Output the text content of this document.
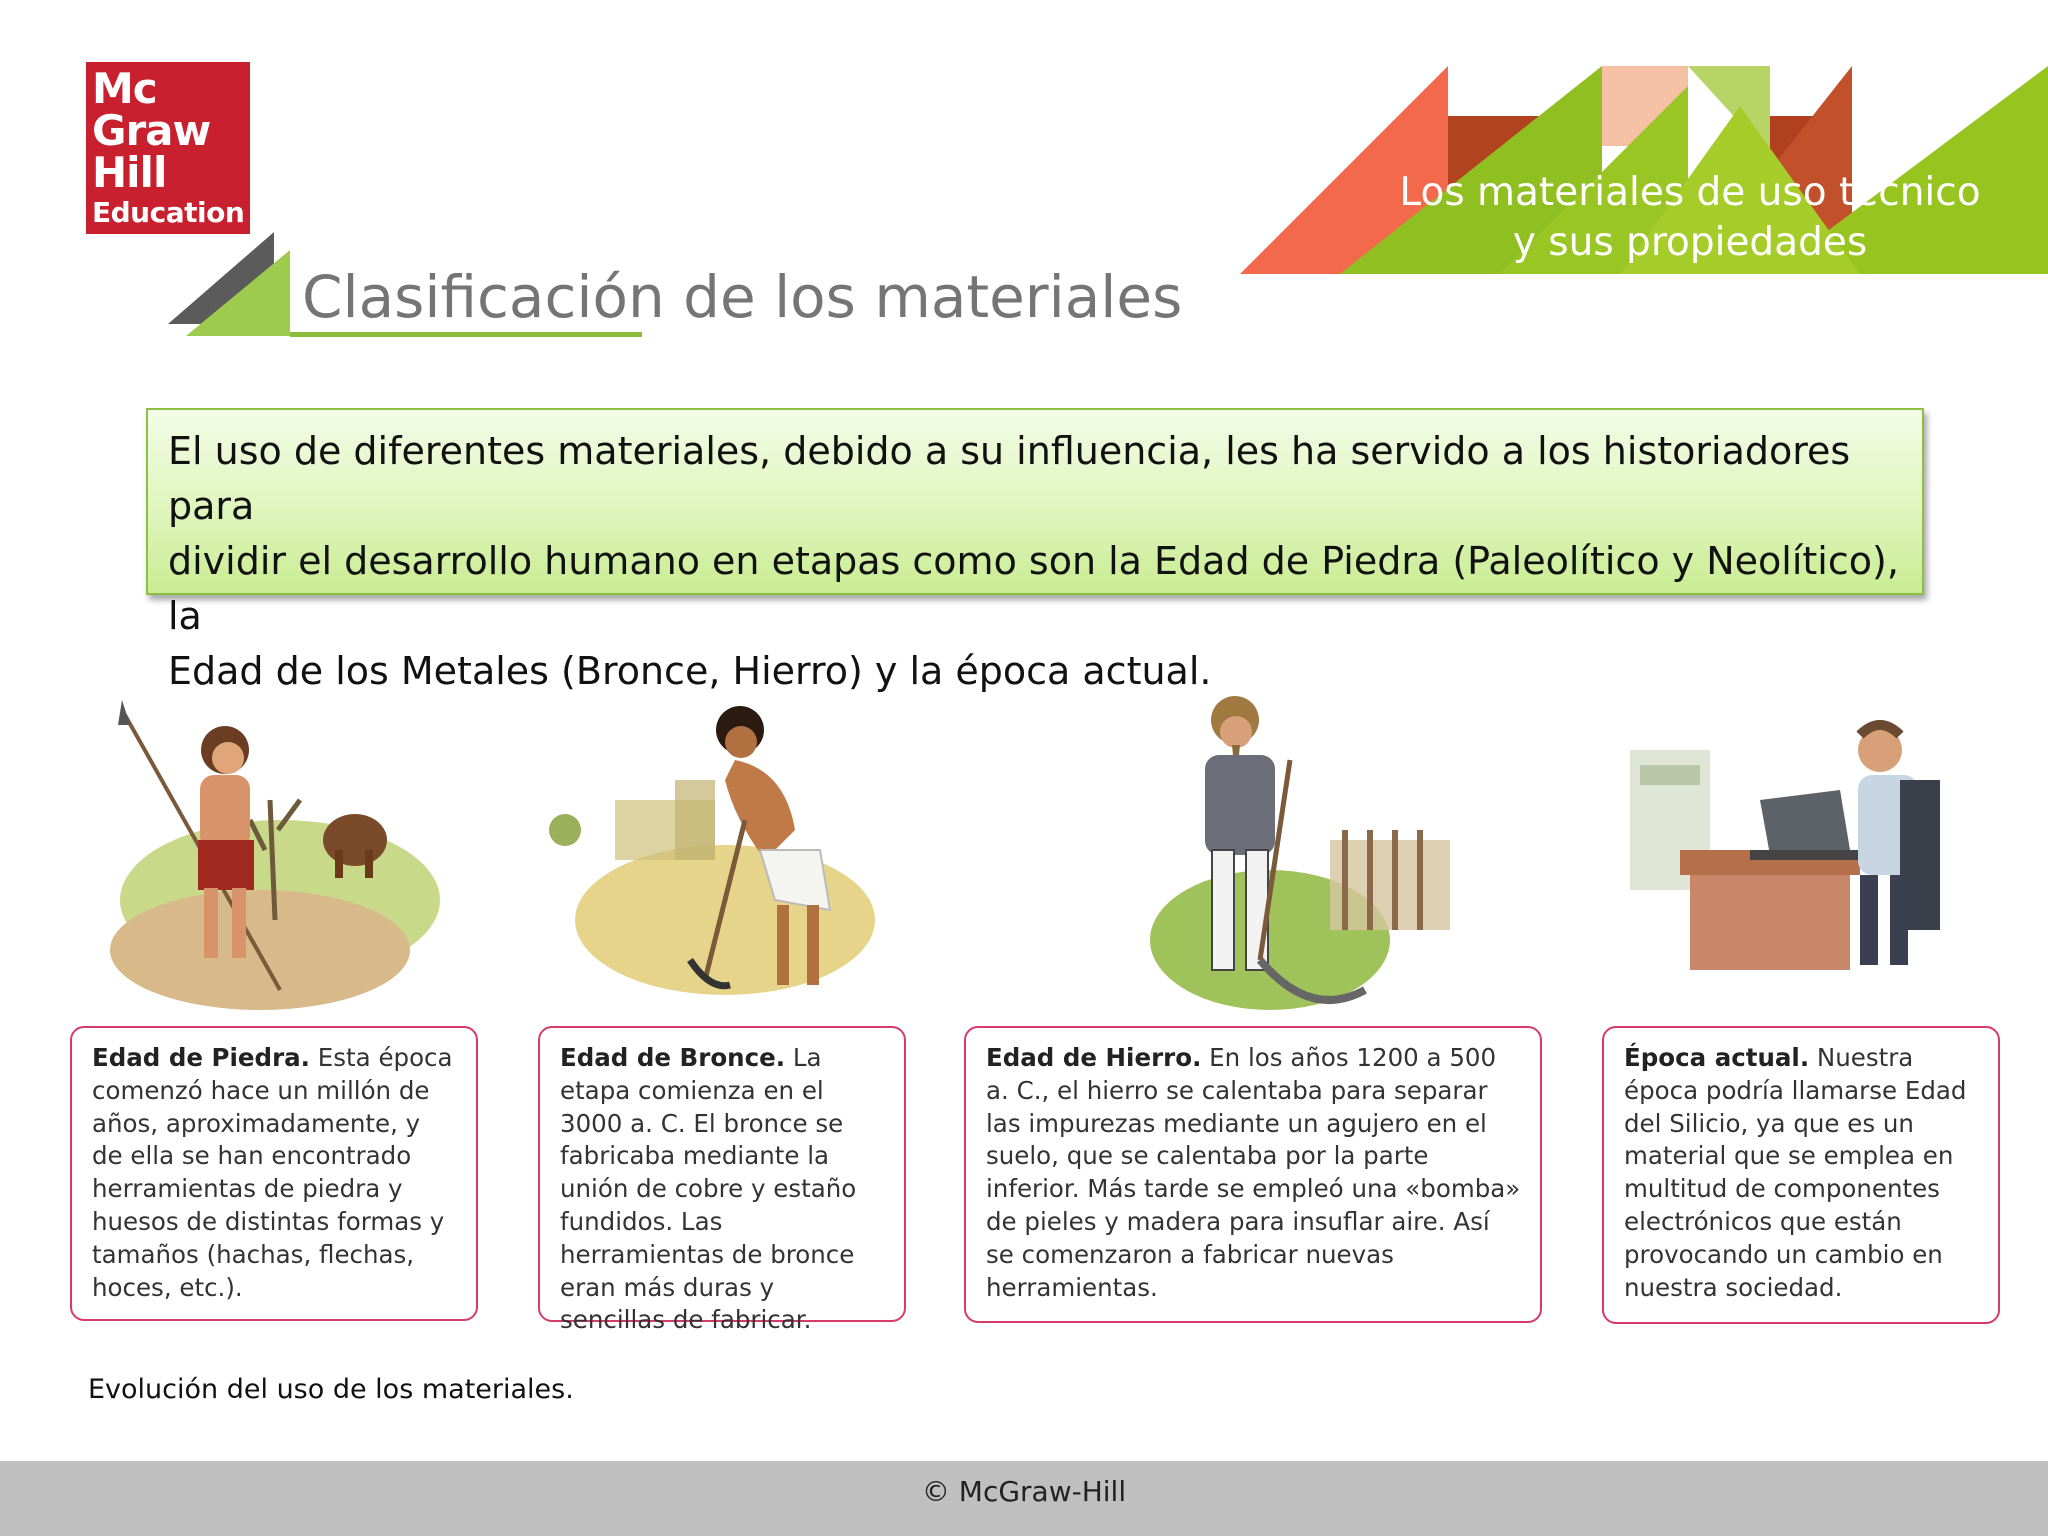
Mc
Graw
Hill
Education	Los materiales de uso técnico
y sus propiedades
Clasificación de los materiales
El uso de diferentes materiales, debido a su influencia, les ha servido a los historiadores para
dividir el desarrollo humano en etapas como son la Edad de Piedra (Paleolítico y Neolítico), la
Edad de los Metales (Bronce, Hierro) y la época actual.
Edad de Piedra. Esta época comenzó hace un millón de años, aproximadamente, y de ella se han encontrado herramientas de piedra y huesos de distintas formas y tamaños (hachas, flechas, hoces, etc.).
Edad de Bronce. La etapa comienza en el 3000 a. C. El bronce se fabricaba mediante la unión de cobre y estaño fundidos. Las herramientas de bronce eran más duras y sencillas de fabricar.
Edad de Hierro. En los años 1200 a 500 a. C., el hierro se calentaba para separar las impurezas mediante un agujero en el suelo, que se calentaba por la parte inferior. Más tarde se empleó una «bomba» de pieles y madera para insuflar aire. Así se comenzaron a fabricar nuevas herramientas.
Época actual. Nuestra época podría llamarse Edad del Silicio, ya que es un material que se emplea en multitud de componentes electrónicos que están provocando un cambio en nuestra sociedad.
Evolución del uso de los materiales.
© McGraw-Hill
